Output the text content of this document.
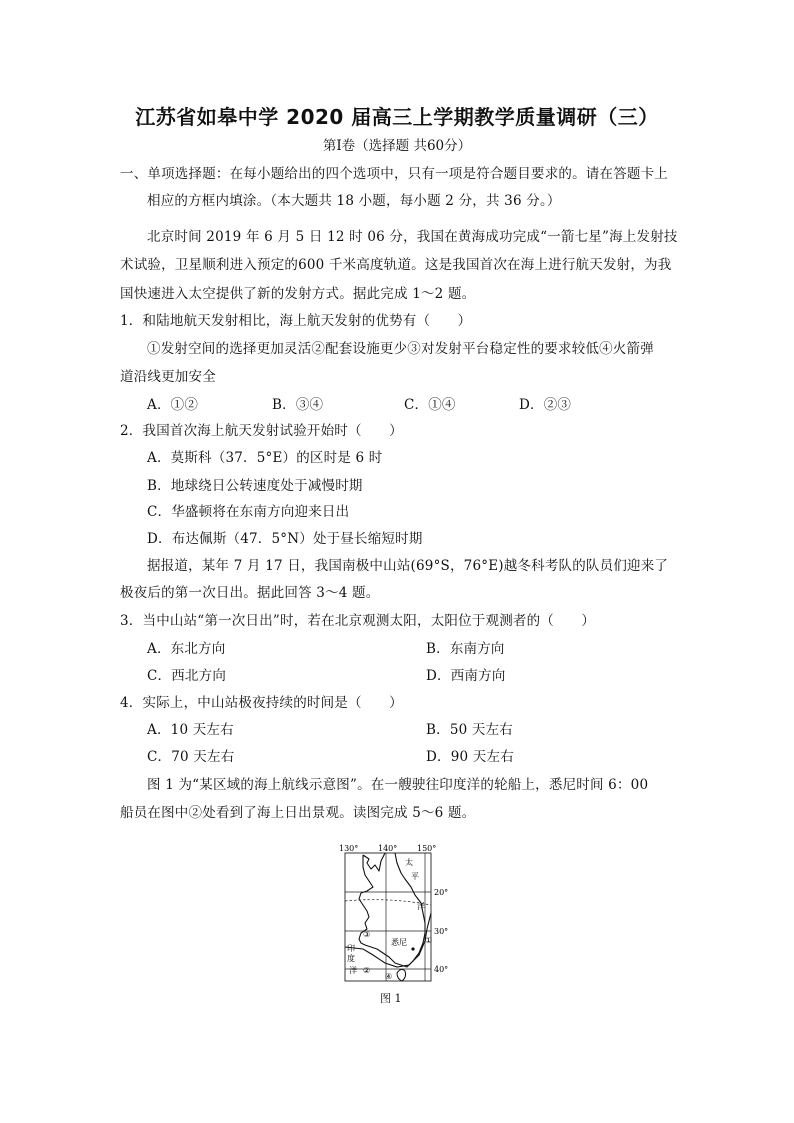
江苏省如皋中学 2020 届高三上学期教学质量调研（三）
第Ⅰ卷（选择题 共60分）
一、单项选择题：在每小题给出的四个选项中，只有一项是符合题目要求的。请在答题卡上
相应的方框内填涂。（本大题共 18 小题，每小题 2 分，共 36 分。）
北京时间 2019 年 6 月 5 日 12 时 06 分，我国在黄海成功完成“一箭七星”海上发射技
术试验，卫星顺利进入预定的600 千米高度轨道。这是我国首次在海上进行航天发射，为我
国快速进入太空提供了新的发射方式。据此完成 1～2 题。
1．和陆地航天发射相比，海上航天发射的优势有（　　）
①发射空间的选择更加灵活②配套设施更少③对发射平台稳定性的要求较低④火箭弹
道沿线更加安全
A．①②	B．③④	C．①④	D．②③
2．我国首次海上航天发射试验开始时（　　）
A．莫斯科（37．5°E）的区时是 6 时
B．地球绕日公转速度处于减慢时期
C．华盛顿将在东南方向迎来日出
D．布达佩斯（47．5°N）处于昼长缩短时期
据报道，某年 7 月 17 日，我国南极中山站(69°S，76°E)越冬科考队的队员们迎来了
极夜后的第一次日出。据此回答 3～4 题。
3．当中山站“第一次日出”时，若在北京观测太阳，太阳位于观测者的（　　）
A．东北方向	B．东南方向
C．西北方向	D．西南方向
4．实际上，中山站极夜持续的时间是（　　）
A．10 天左右	B．50 天左右
C．70 天左右	D．90 天左右
图 1 为“某区域的海上航线示意图”。在一艘驶往印度洋的轮船上，悉尼时间 6：00
船员在图中②处看到了海上日出景观。读图完成 5～6 题。
130° 140° 150°
20°
30°
40°
太
平
洋
印
度
洋
悉尼 ①
②
③
④
图 1
